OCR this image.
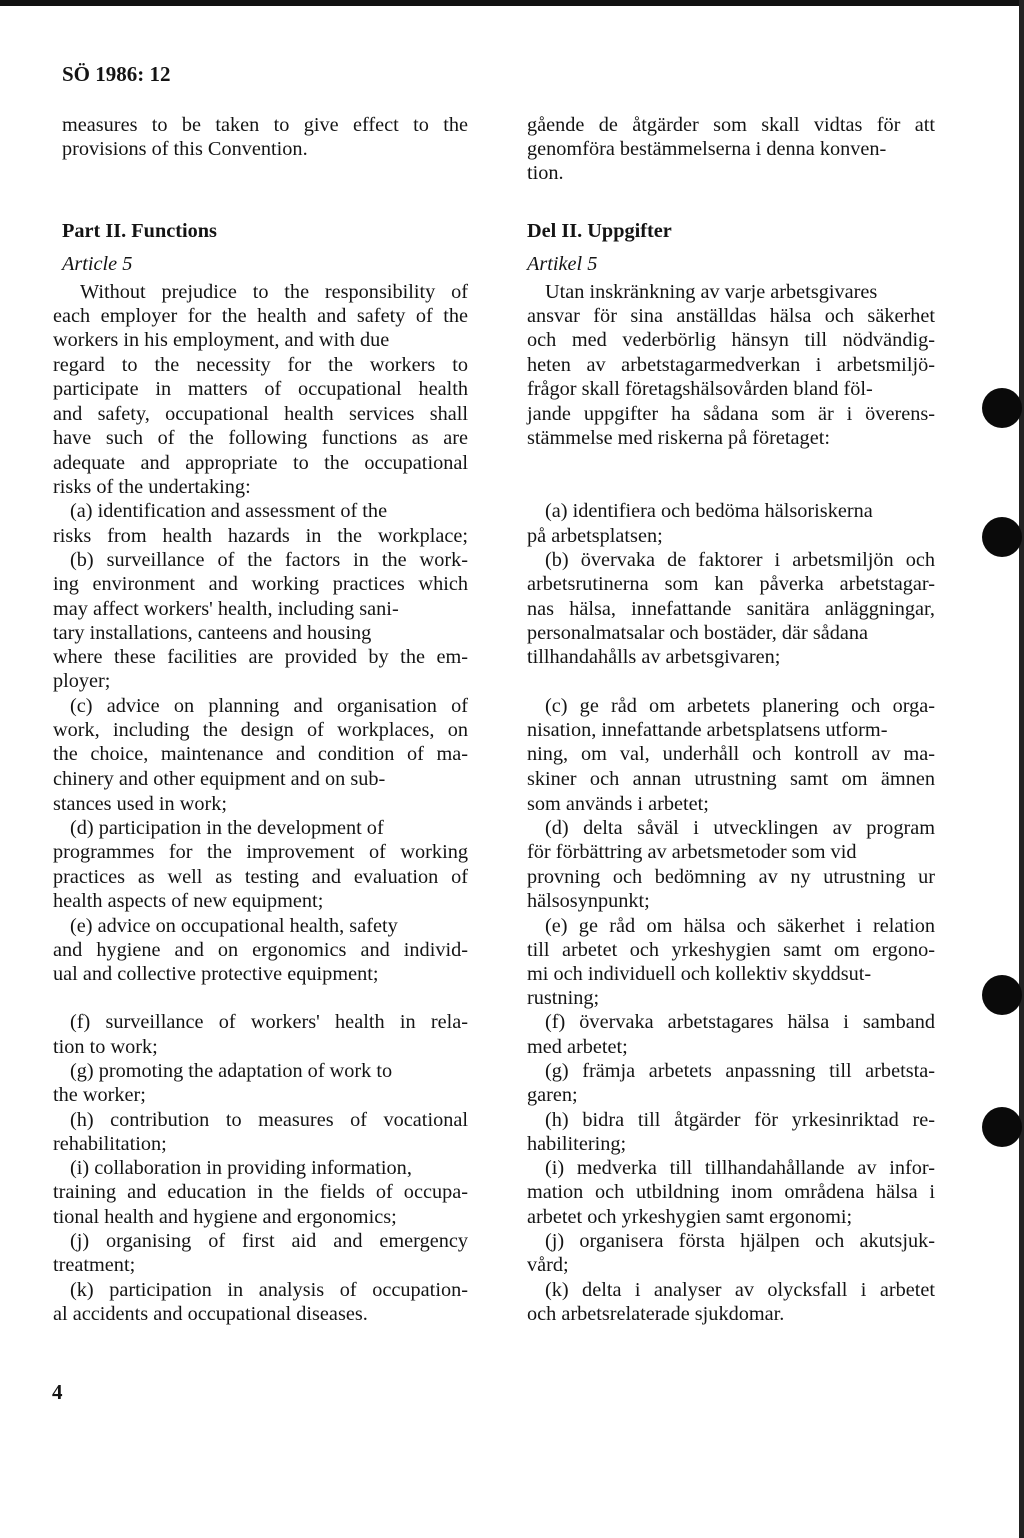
SÖ 1986: 12
measures to be taken to give effect to the
provisions of this Convention.
Part II. Functions
Article 5
Without prejudice to the responsibility of
each employer for the health and safety of the
workers in his employment, and with due
regard to the necessity for the workers to
participate in matters of occupational health
and safety, occupational health services shall
have such of the following functions as are
adequate and appropriate to the occupational
risks of the undertaking:
(a) identification and assessment of the
risks from health hazards in the workplace;
(b) surveillance of the factors in the work-
ing environment and working practices which
may affect workers' health, including sani-
tary installations, canteens and housing
where these facilities are provided by the em-
ployer;
(c) advice on planning and organisation of
work, including the design of workplaces, on
the choice, maintenance and condition of ma-
chinery and other equipment and on sub-
stances used in work;
(d) participation in the development of
programmes for the improvement of working
practices as well as testing and evaluation of
health aspects of new equipment;
(e) advice on occupational health, safety
and hygiene and on ergonomics and individ-
ual and collective protective equipment;
(f) surveillance of workers' health in rela-
tion to work;
(g) promoting the adaptation of work to
the worker;
(h) contribution to measures of vocational
rehabilitation;
(i) collaboration in providing information,
training and education in the fields of occupa-
tional health and hygiene and ergonomics;
(j) organising of first aid and emergency
treatment;
(k) participation in analysis of occupation-
al accidents and occupational diseases.
gående de åtgärder som skall vidtas för att
genomföra bestämmelserna i denna konven-
tion.
Del II. Uppgifter
Artikel 5
Utan inskränkning av varje arbetsgivares
ansvar för sina anställdas hälsa och säkerhet
och med vederbörlig hänsyn till nödvändig-
heten av arbetstagarmedverkan i arbetsmiljö-
frågor skall företagshälsovården bland föl-
jande uppgifter ha sådana som är i överens-
stämmelse med riskerna på företaget:
(a) identifiera och bedöma hälsoriskerna
på arbetsplatsen;
(b) övervaka de faktorer i arbetsmiljön och
arbetsrutinerna som kan påverka arbetstagar-
nas hälsa, innefattande sanitära anläggningar,
personalmatsalar och bostäder, där sådana
tillhandahålls av arbetsgivaren;
(c) ge råd om arbetets planering och orga-
nisation, innefattande arbetsplatsens utform-
ning, om val, underhåll och kontroll av ma-
skiner och annan utrustning samt om ämnen
som används i arbetet;
(d) delta såväl i utvecklingen av program
för förbättring av arbetsmetoder som vid
provning och bedömning av ny utrustning ur
hälsosynpunkt;
(e) ge råd om hälsa och säkerhet i relation
till arbetet och yrkeshygien samt om ergono-
mi och individuell och kollektiv skyddsut-
rustning;
(f) övervaka arbetstagares hälsa i samband
med arbetet;
(g) främja arbetets anpassning till arbetsta-
garen;
(h) bidra till åtgärder för yrkesinriktad re-
habilitering;
(i) medverka till tillhandahållande av infor-
mation och utbildning inom områdena hälsa i
arbetet och yrkeshygien samt ergonomi;
(j) organisera första hjälpen och akutsjuk-
vård;
(k) delta i analyser av olycksfall i arbetet
och arbetsrelaterade sjukdomar.
4
